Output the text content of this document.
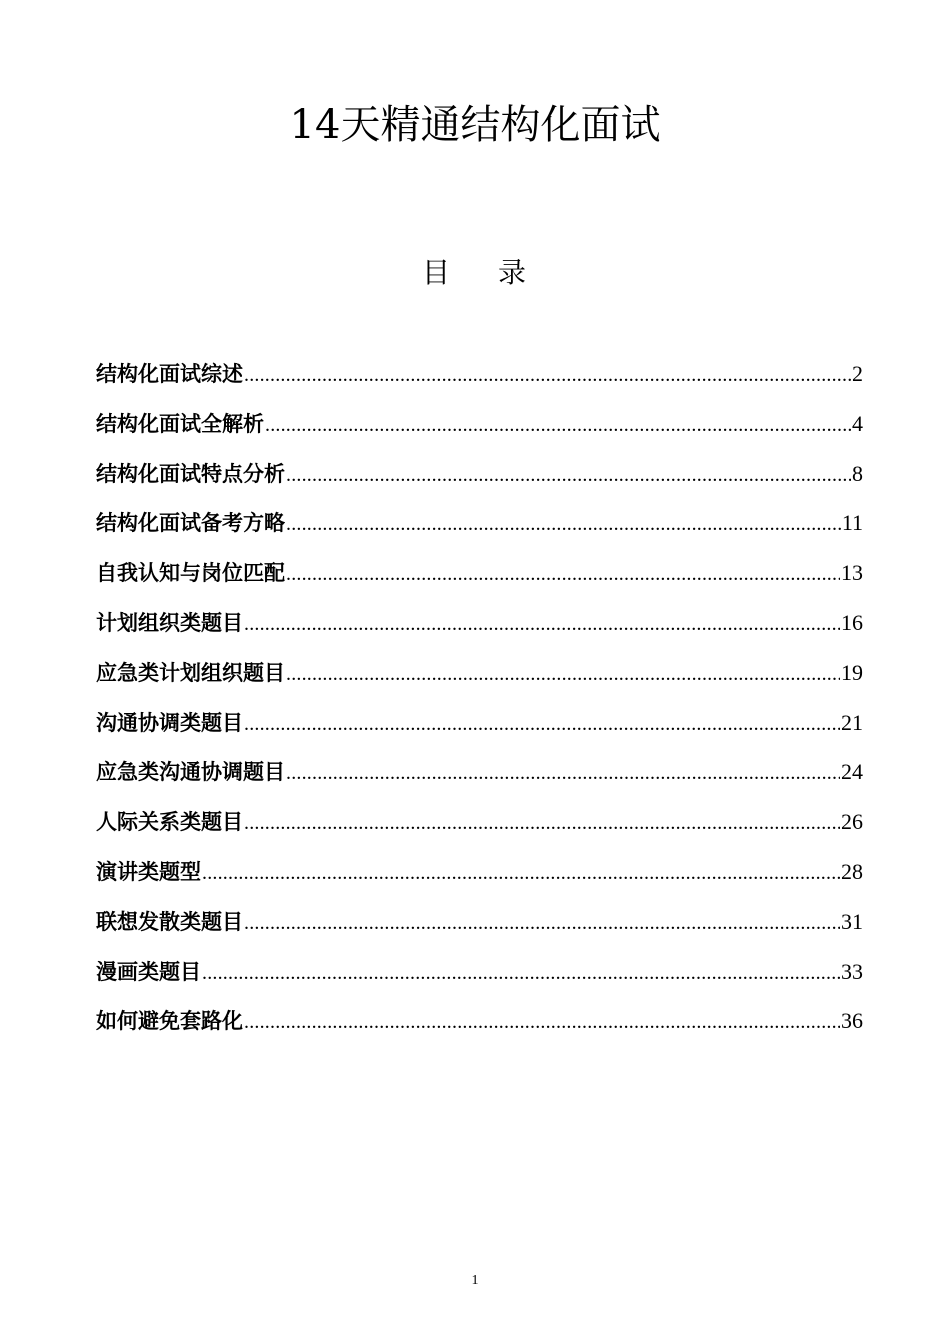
14天精通结构化面试
目 录
结构化面试综述 .....	2
结构化面试全解析 .....	4
结构化面试特点分析 .....	8
结构化面试备考方略 .....	11
自我认知与岗位匹配 .....	13
计划组织类题目 .....	16
应急类计划组织题目 .....	19
沟通协调类题目 .....	21
应急类沟通协调题目 .....	24
人际关系类题目 .....	26
演讲类题型 .....	28
联想发散类题目 .....	31
漫画类题目 .....	33
如何避免套路化 .....	36
1
